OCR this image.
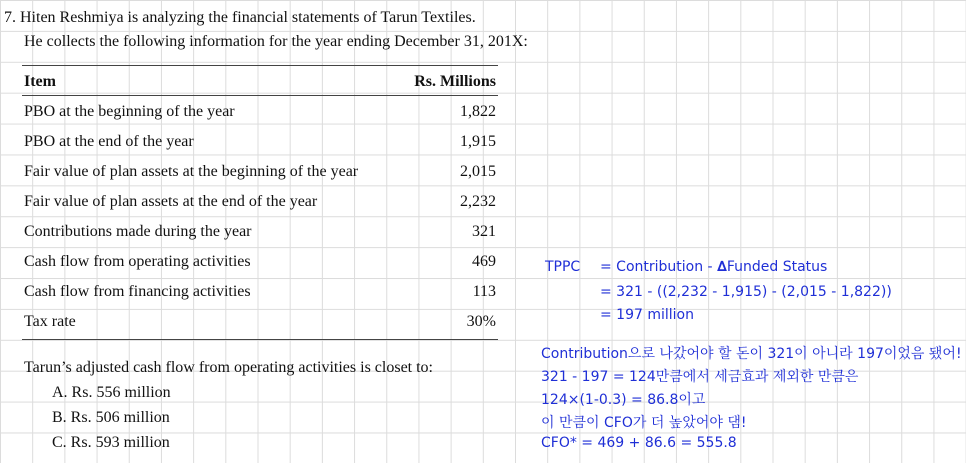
7. Hiten Reshmiya is analyzing the financial statements of Tarun Textiles.
He collects the following information for the year ending December 31, 201X:
Item	Rs. Millions
PBO at the beginning of the year	1,822
PBO at the end of the year	1,915
Fair value of plan assets at the beginning of the year	2,015
Fair value of plan assets at the end of the year	2,232
Contributions made during the year	321
Cash flow from operating activities	469
Cash flow from financing activities	113
Tax rate	30%
Tarun’s adjusted cash flow from operating activities is closet to:
A. Rs. 556 million
B. Rs. 506 million
C. Rs. 593 million
TPPC = Contribution - ∆Funded Status
= 321 - ((2,232 - 1,915) - (2,015 - 1,822))
= 197 million
Contribution으로 나갔어야 할 돈이 321이 아니라 197이었음 됐어!
321 - 197 = 124만큼에서 세금효과 제외한 만큼은
124×(1-0.3) = 86.8이고
이 만큼이 CFO가 더 높았어야 댐!
CFO* = 469 + 86.6 = 555.8
